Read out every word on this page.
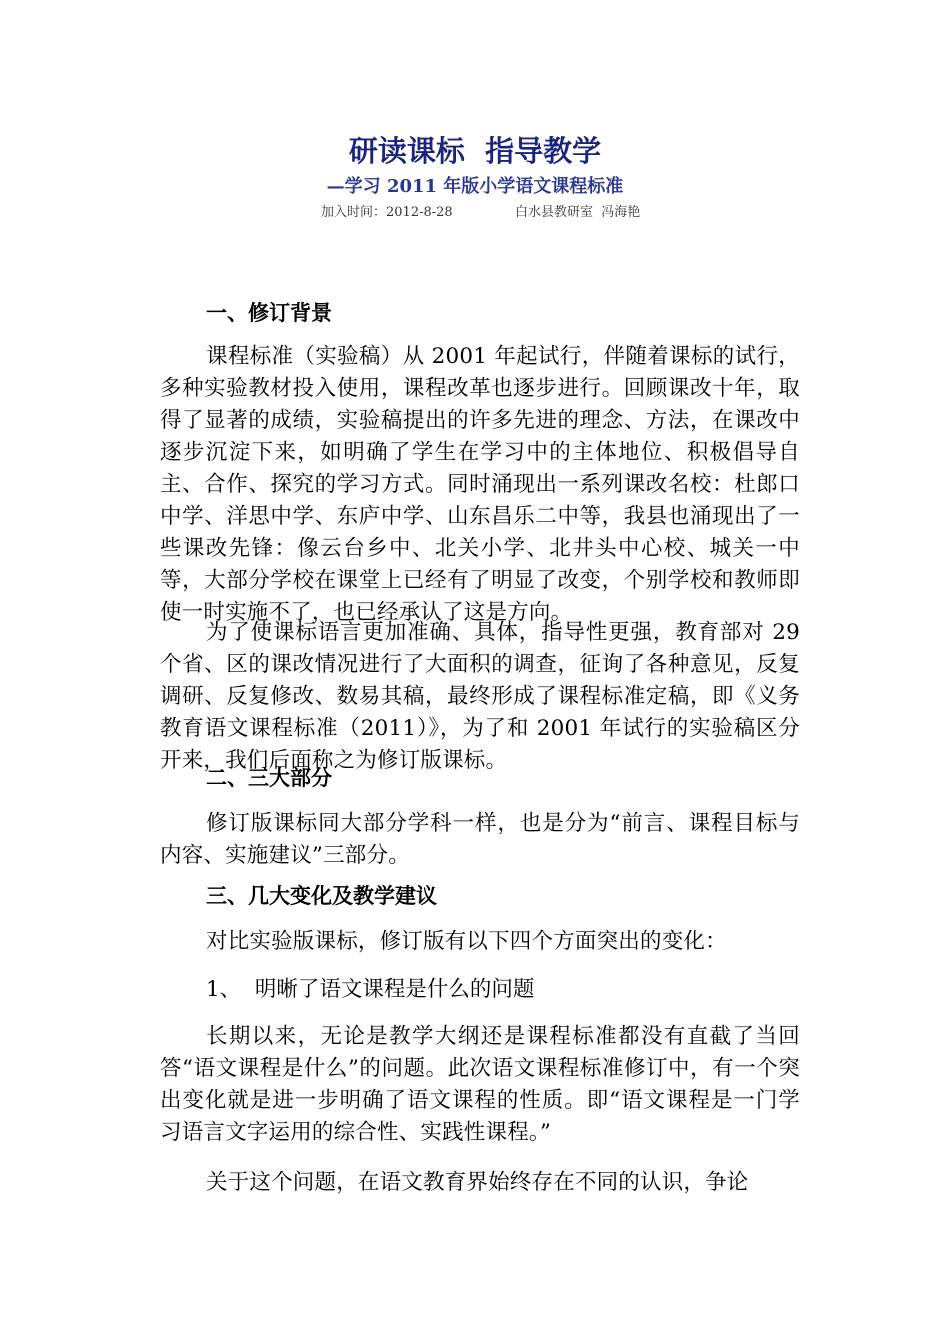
研读课标  指导教学
—学习 2011 年版小学语文课程标准
加入时间：2012-8-28	白水县教研室  冯海艳
一、修订背景
课程标准（实验稿）从 2001 年起试行，伴随着课标的试行，多种实验教材投入使用，课程改革也逐步进行。回顾课改十年，取得了显著的成绩，实验稿提出的许多先进的理念、方法，在课改中逐步沉淀下来，如明确了学生在学习中的主体地位、积极倡导自主、合作、探究的学习方式。同时涌现出一系列课改名校：杜郎口中学、洋思中学、东庐中学、山东昌乐二中等，我县也涌现出了一些课改先锋：像云台乡中、北关小学、北井头中心校、城关一中等，大部分学校在课堂上已经有了明显了改变，个别学校和教师即使一时实施不了，也已经承认了这是方向。
为了使课标语言更加准确、具体，指导性更强，教育部对 29 个省、区的课改情况进行了大面积的调查，征询了各种意见，反复调研、反复修改、数易其稿，最终形成了课程标准定稿，即《义务教育语文课程标准（2011）》，为了和 2001 年试行的实验稿区分开来，我们后面称之为修订版课标。
二、三大部分
修订版课标同大部分学科一样，也是分为“前言、课程目标与内容、实施建议”三部分。
三、几大变化及教学建议
对比实验版课标，修订版有以下四个方面突出的变化：
1、  明晰了语文课程是什么的问题
长期以来，无论是教学大纲还是课程标准都没有直截了当回答“语文课程是什么”的问题。此次语文课程标准修订中，有一个突出变化就是进一步明确了语文课程的性质。即“语文课程是一门学习语言文字运用的综合性、实践性课程。”
关于这个问题，在语文教育界始终存在不同的认识，争论
